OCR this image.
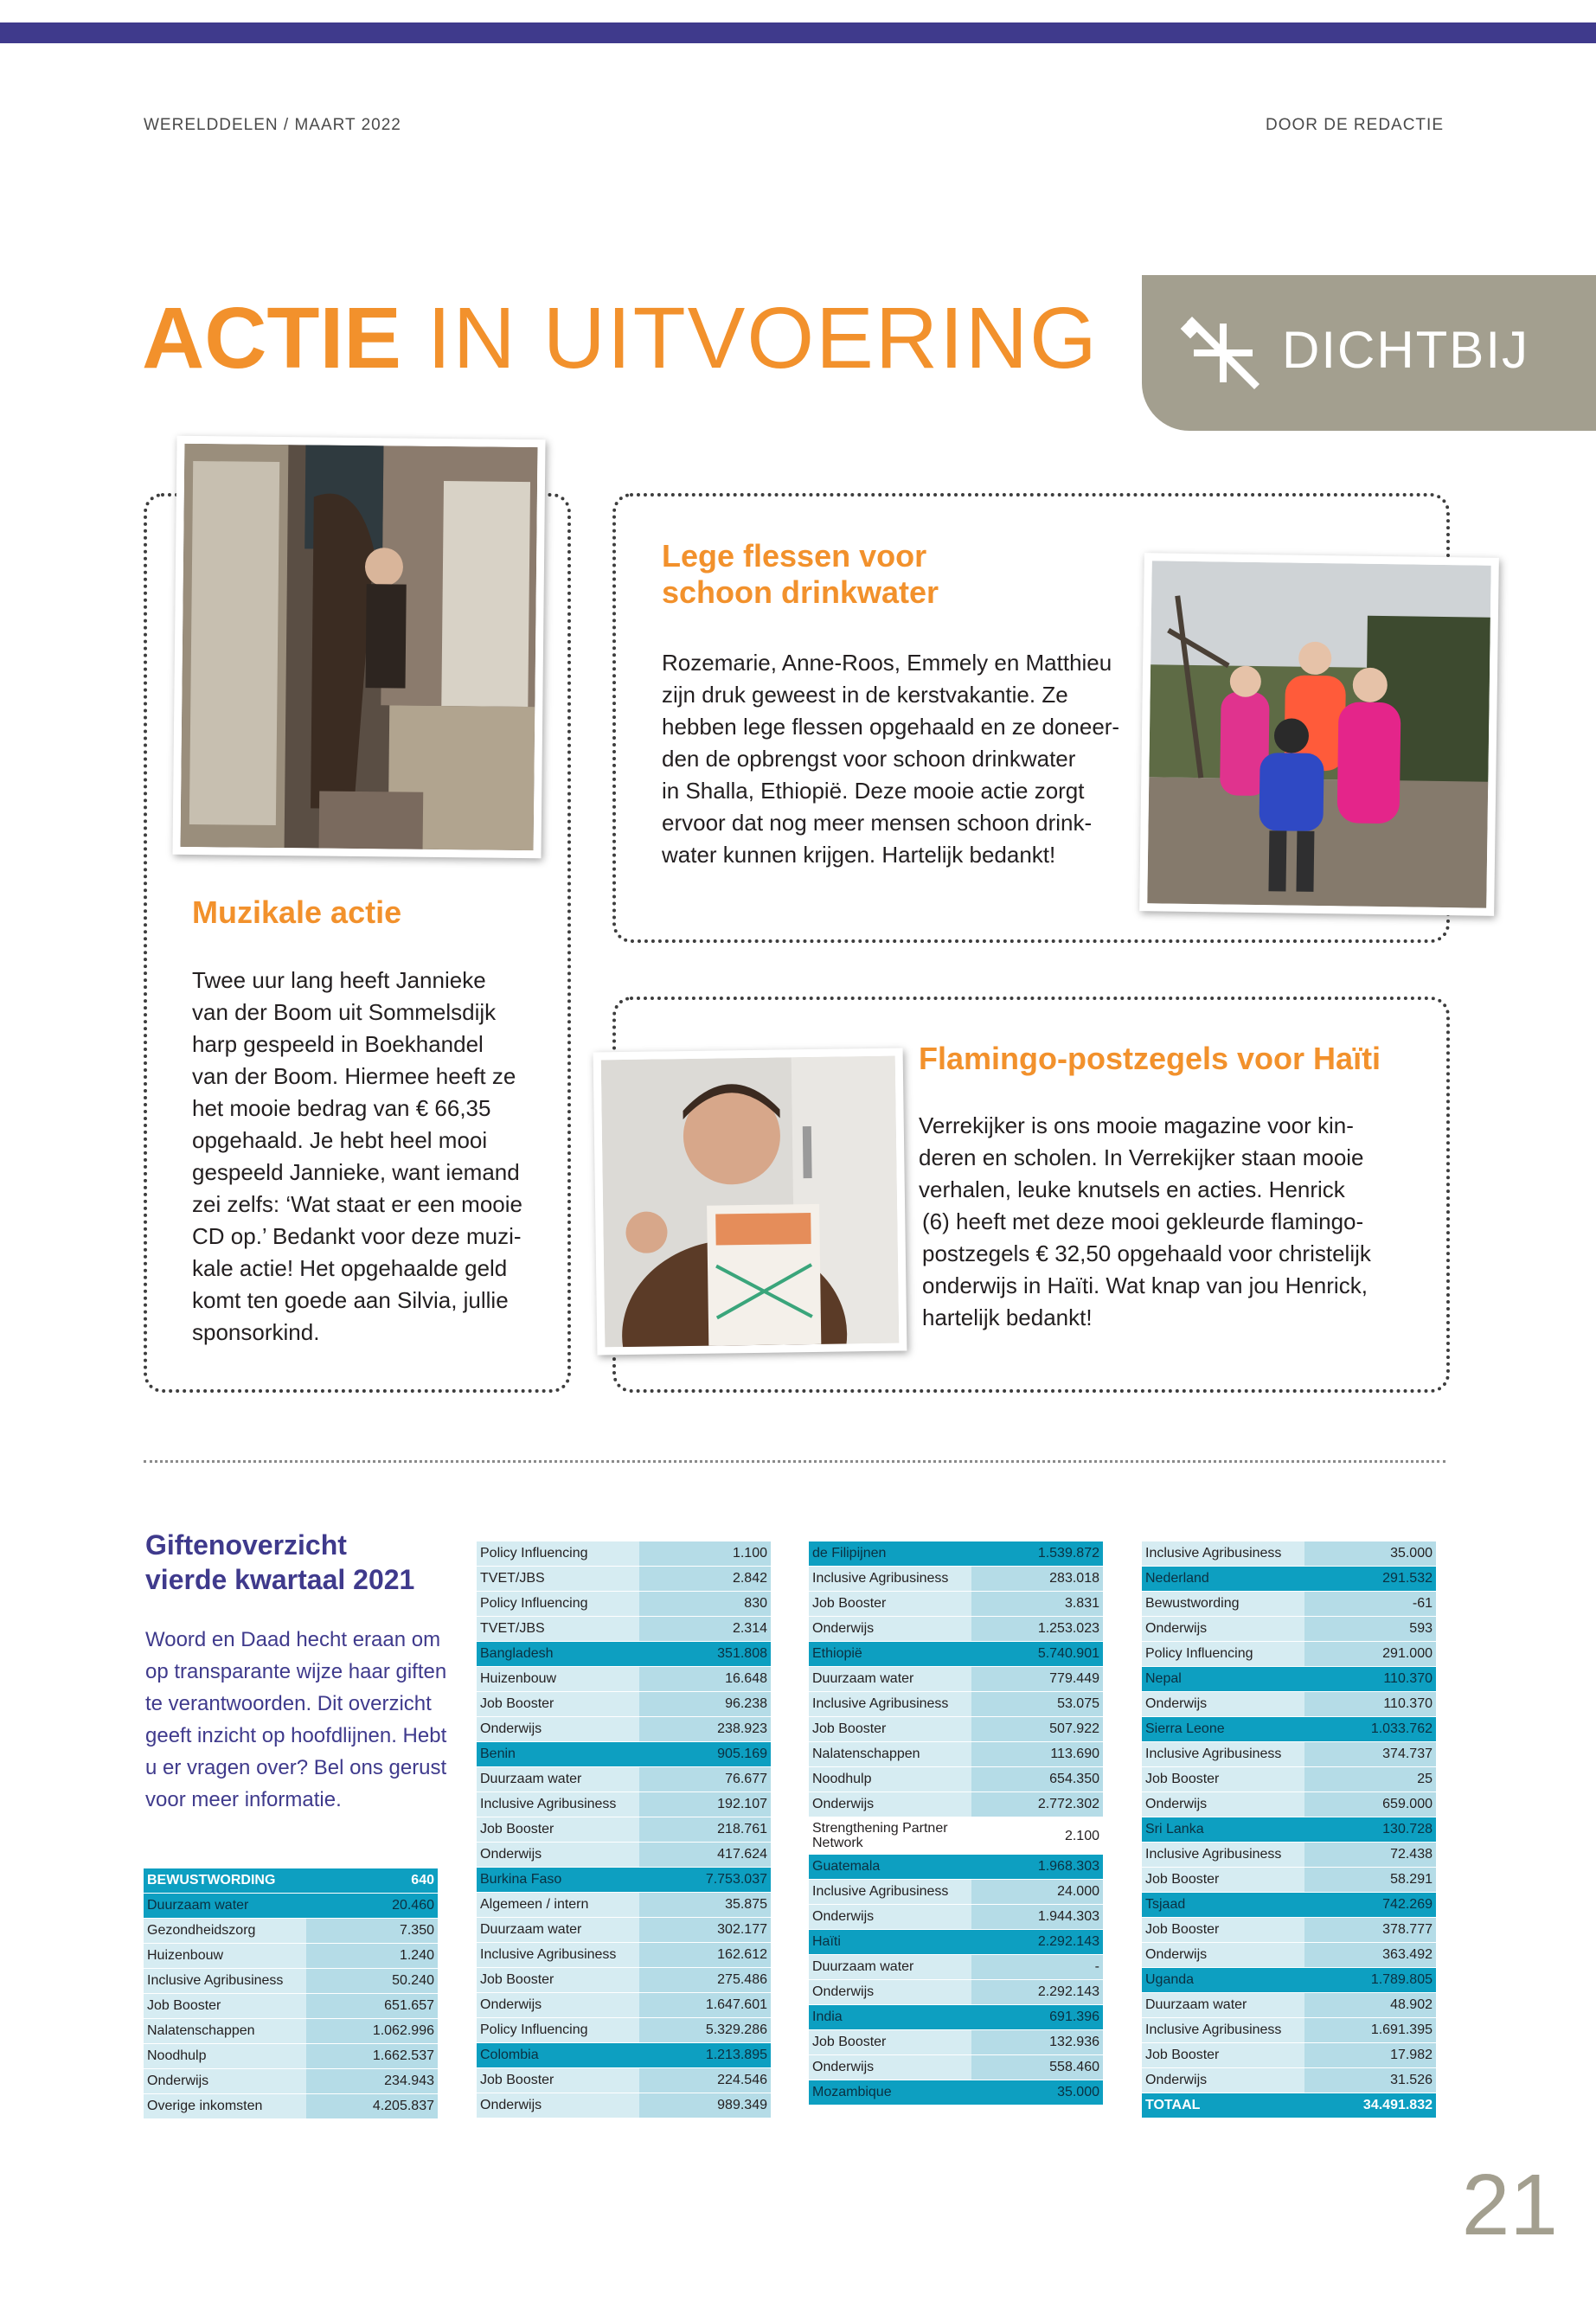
WERELDDELEN / MAART 2022	DOOR DE REDACTIE
ACTIE IN UITVOERING	DICHTBIJ
Muzikale actie
Twee uur lang heeft Jannieke
van der Boom uit Sommelsdijk
harp gespeeld in Boekhandel
van der Boom. Hiermee heeft ze
het mooie bedrag van € 66,35
opgehaald. Je hebt heel mooi
gespeeld Jannieke, want iemand
zei zelfs: ‘Wat staat er een mooie
CD op.’ Bedankt voor deze muzi-
kale actie! Het opgehaalde geld
komt ten goede aan Silvia, jullie
sponsorkind.
Lege flessen voor
schoon drinkwater
Rozemarie, Anne-Roos, Emmely en Matthieu
zijn druk geweest in de kerstvakantie. Ze
hebben lege flessen opgehaald en ze doneer-
den de opbrengst voor schoon drinkwater
in Shalla, Ethiopië. Deze mooie actie zorgt
ervoor dat nog meer mensen schoon drink-
water kunnen krijgen. Hartelijk bedankt!
Flamingo-postzegels voor Haïti
Verrekijker is ons mooie magazine voor kin-
deren en scholen. In Verrekijker staan mooie
verhalen, leuke knutsels en acties. Henrick
(6) heeft met deze mooi gekleurde flamingo-
postzegels € 32,50 opgehaald voor christelijk
onderwijs in Haïti. Wat knap van jou Henrick,
hartelijk bedankt!
Giftenoverzicht
vierde kwartaal 2021
Woord en Daad hecht eraan om
op transparante wijze haar giften
te verantwoorden. Dit overzicht
geeft inzicht op hoofdlijnen. Hebt
u er vragen over? Bel ons gerust
voor meer informatie.
BEWUSTWORDING	640
Duurzaam water	20.460
Gezondheidszorg	7.350
Huizenbouw	1.240
Inclusive Agribusiness	50.240
Job Booster	651.657
Nalatenschappen	1.062.996
Noodhulp	1.662.537
Onderwijs	234.943
Overige inkomsten	4.205.837
Policy Influencing	1.100
TVET/JBS	2.842
Policy Influencing	830
TVET/JBS	2.314
Bangladesh	351.808
Huizenbouw	16.648
Job Booster	96.238
Onderwijs	238.923
Benin	905.169
Duurzaam water	76.677
Inclusive Agribusiness	192.107
Job Booster	218.761
Onderwijs	417.624
Burkina Faso	7.753.037
Algemeen / intern	35.875
Duurzaam water	302.177
Inclusive Agribusiness	162.612
Job Booster	275.486
Onderwijs	1.647.601
Policy Influencing	5.329.286
Colombia	1.213.895
Job Booster	224.546
Onderwijs	989.349
de Filipijnen	1.539.872
Inclusive Agribusiness	283.018
Job Booster	3.831
Onderwijs	1.253.023
Ethiopië	5.740.901
Duurzaam water	779.449
Inclusive Agribusiness	53.075
Job Booster	507.922
Nalatenschappen	113.690
Noodhulp	654.350
Onderwijs	2.772.302
Strengthening Partner Network	2.100
Guatemala	1.968.303
Inclusive Agribusiness	24.000
Onderwijs	1.944.303
Haïti	2.292.143
Duurzaam water	-
Onderwijs	2.292.143
India	691.396
Job Booster	132.936
Onderwijs	558.460
Mozambique	35.000
Inclusive Agribusiness	35.000
Nederland	291.532
Bewustwording	-61
Onderwijs	593
Policy Influencing	291.000
Nepal	110.370
Onderwijs	110.370
Sierra Leone	1.033.762
Inclusive Agribusiness	374.737
Job Booster	25
Onderwijs	659.000
Sri Lanka	130.728
Inclusive Agribusiness	72.438
Job Booster	58.291
Tsjaad	742.269
Job Booster	378.777
Onderwijs	363.492
Uganda	1.789.805
Duurzaam water	48.902
Inclusive Agribusiness	1.691.395
Job Booster	17.982
Onderwijs	31.526
TOTAAL	34.491.832
21
